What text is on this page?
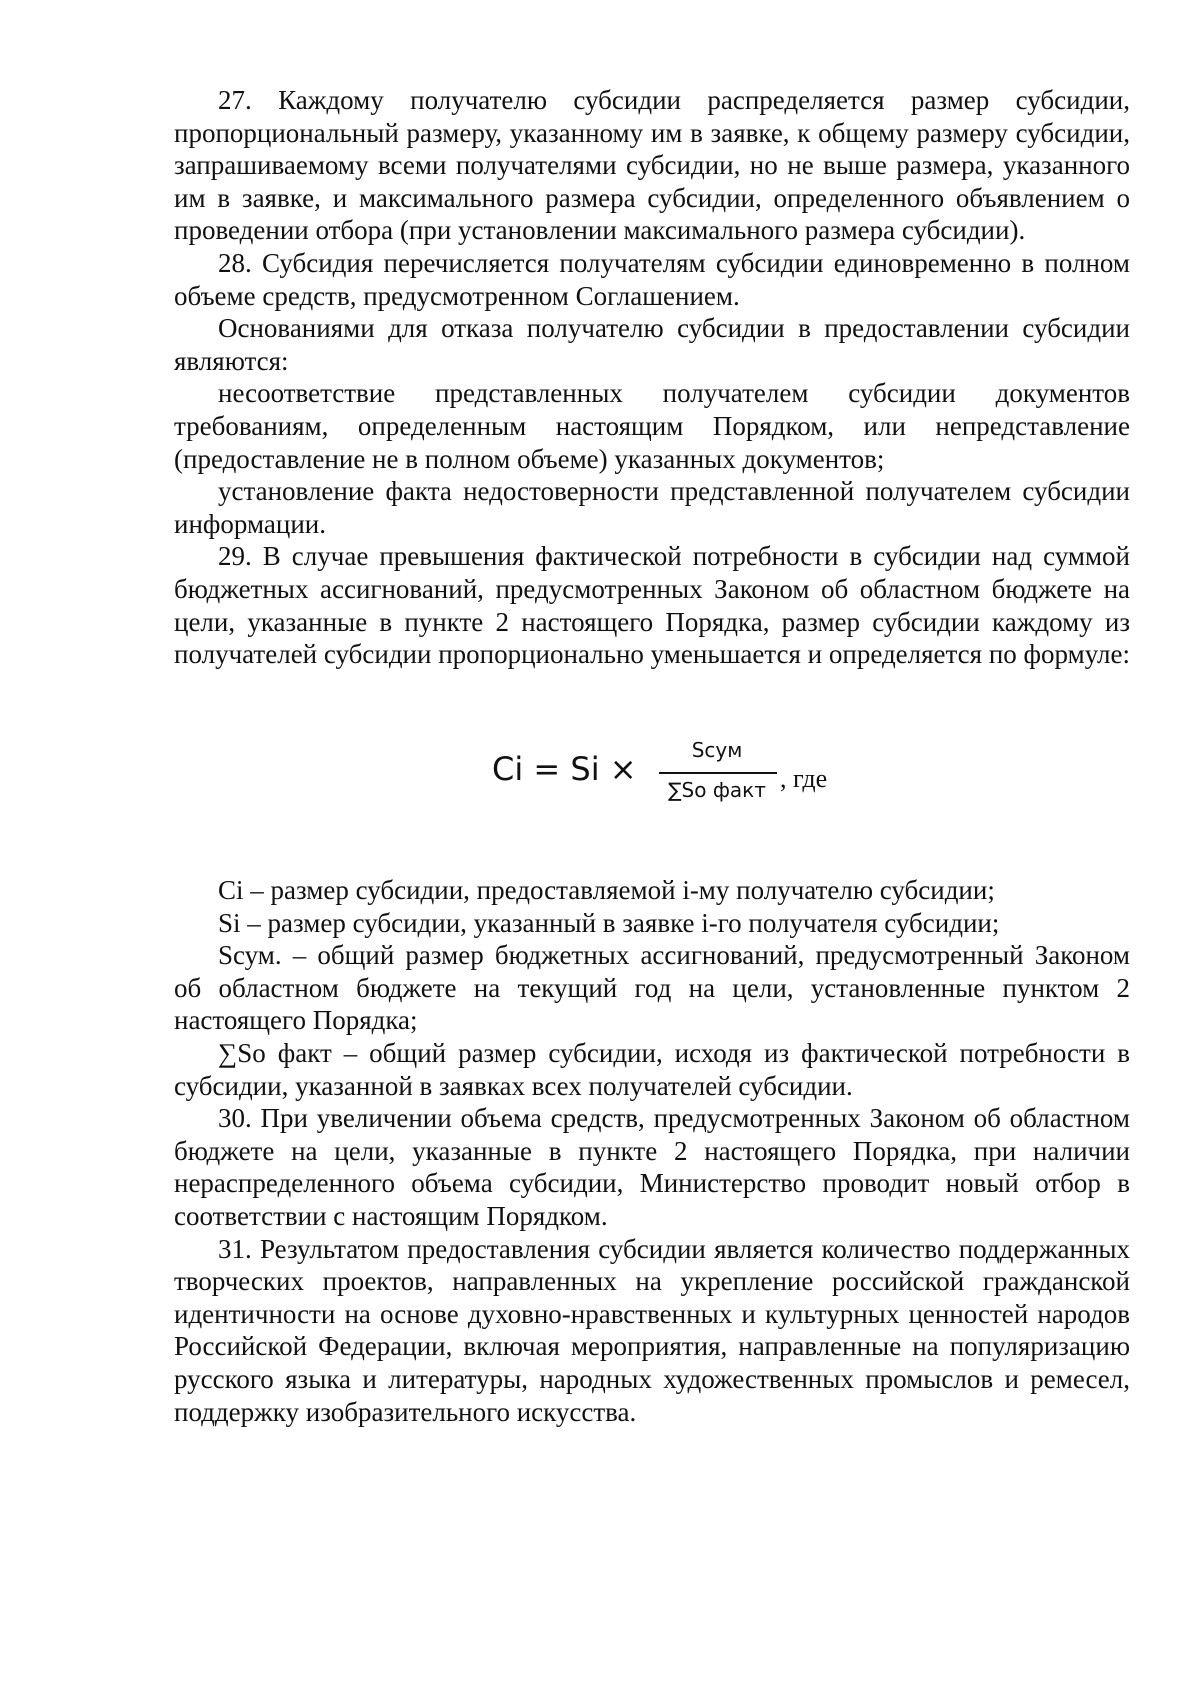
27. Каждому получателю субсидии распределяется размер субсидии, пропорциональный размеру, указанному им в заявке, к общему размеру субсидии, запрашиваемому всеми получателями субсидии, но не выше размера, указанного им в заявке, и максимального размера субсидии, определенного объявлением о проведении отбора (при установлении максимального размера субсидии).

28. Субсидия перечисляется получателям субсидии единовременно в полном объеме средств, предусмотренном Соглашением.

Основаниями для отказа получателю субсидии в предоставлении субсидии являются:

несоответствие представленных получателем субсидии документов требованиям, определенным настоящим Порядком, или непредставление (предоставление не в полном объеме) указанных документов;

установление факта недостоверности представленной получателем субсидии информации.

29. В случае превышения фактической потребности в субсидии над суммой бюджетных ассигнований, предусмотренных Законом об областном бюджете на цели, указанные в пункте 2 настоящего Порядка, размер субсидии каждому из получателей субсидии пропорционально уменьшается и определяется по формуле:

Ci = Si ×	Sсум
∑So факт , где

Ci – размер субсидии, предоставляемой i-му получателю субсидии;

Si – размер субсидии, указанный в заявке i-го получателя субсидии;

Sсум. – общий размер бюджетных ассигнований, предусмотренный Законом об областном бюджете на текущий год на цели, установленные пунктом 2 настоящего Порядка;

∑So факт – общий размер субсидии, исходя из фактической потребности в субсидии, указанной в заявках всех получателей субсидии.

30. При увеличении объема средств, предусмотренных Законом об областном бюджете на цели, указанные в пункте 2 настоящего Порядка, при наличии нераспределенного объема субсидии, Министерство проводит новый отбор в соответствии с настоящим Порядком.

31. Результатом предоставления субсидии является количество поддержанных творческих проектов, направленных на укрепление российской гражданской идентичности на основе духовно-нравственных и культурных ценностей народов Российской Федерации, включая мероприятия, направленные на популяризацию русского языка и литературы, народных художественных промыслов и ремесел, поддержку изобразительного искусства.
